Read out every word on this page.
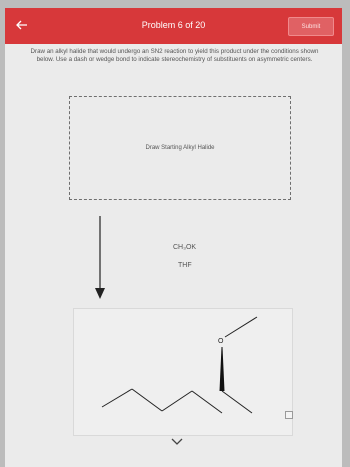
Problem 6 of 20	Submit
Draw an alkyl halide that would undergo an SN2 reaction to yield this product under the conditions shown below. Use a dash or wedge bond to indicate stereochemistry of substituents on asymmetric centers.
Draw Starting Alkyl Halide
CH₃OK
THF
O
